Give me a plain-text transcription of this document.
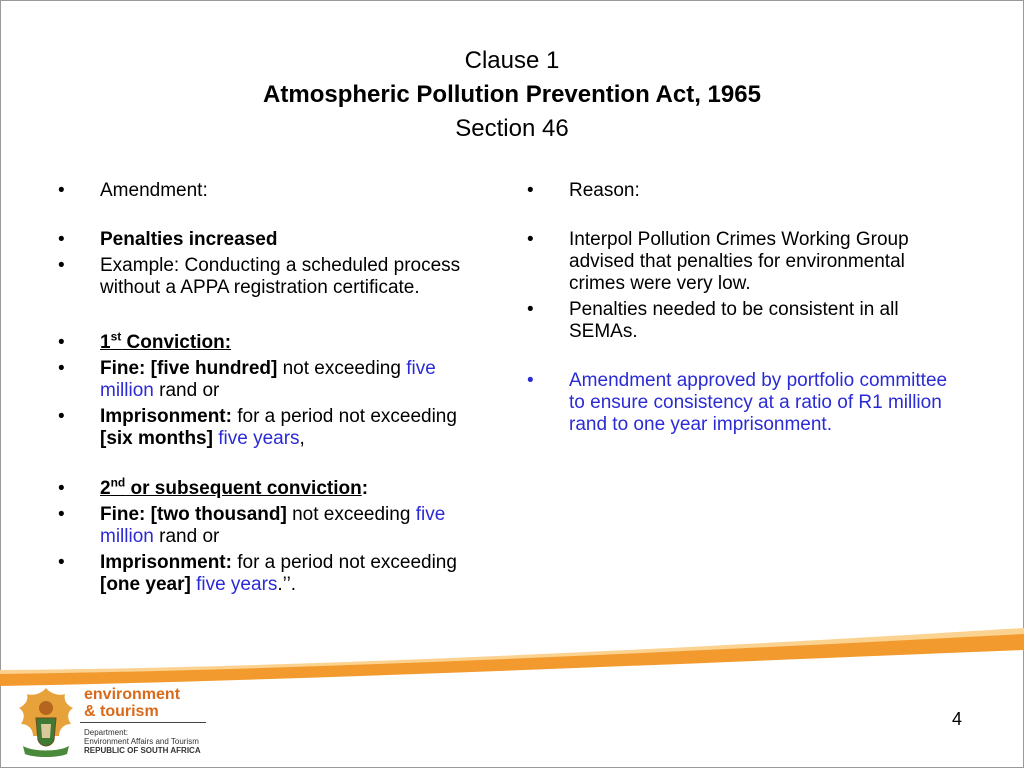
Clause 1
Atmospheric Pollution Prevention Act, 1965
Section 46
•	Amendment:
•	Penalties increased
•	Example: Conducting a scheduled process without a APPA registration certificate.
•	1st Conviction:
•	Fine: [five hundred] not exceeding five million rand or
•	Imprisonment: for a period not exceeding [six months] five years,
•	2nd or subsequent conviction:
•	Fine: [two thousand] not exceeding five million rand or
•	Imprisonment: for a period not exceeding [one year] five years.’’.
•	Reason:
•	Interpol Pollution Crimes Working Group advised that penalties for environmental crimes were very low.
•	Penalties needed to be consistent in all SEMAs.
•	Amendment approved by portfolio committee to ensure consistency at a ratio of R1 million rand to one year imprisonment.
environment
& tourism
Department:
Environment Affairs and Tourism
REPUBLIC OF SOUTH AFRICA
4
